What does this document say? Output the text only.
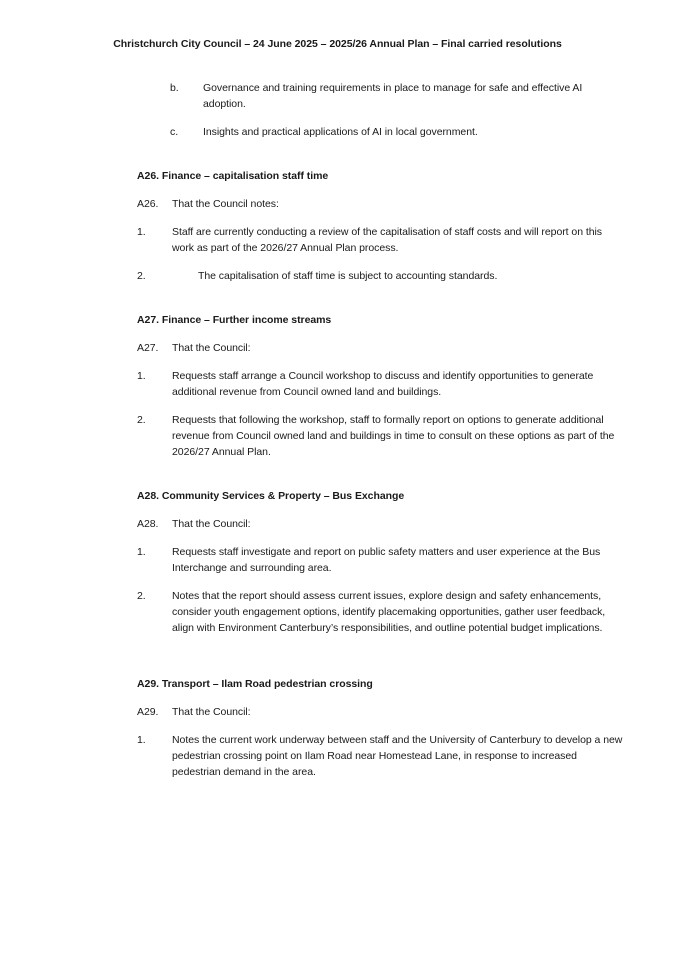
Christchurch City Council – 24 June 2025 – 2025/26 Annual Plan – Final carried resolutions
b.	Governance and training requirements in place to manage for safe and effective AI adoption.
c.	Insights and practical applications of AI in local government.
A26. Finance – capitalisation staff time
A26.	That the Council notes:
1.	Staff are currently conducting a review of the capitalisation of staff costs and will report on this work as part of the 2026/27 Annual Plan process.
2.	The capitalisation of staff time is subject to accounting standards.
A27. Finance – Further income streams
A27.	That the Council:
1.	Requests staff arrange a Council workshop to discuss and identify opportunities to generate additional revenue from Council owned land and buildings.
2.	Requests that following the workshop, staff to formally report on options to generate additional revenue from Council owned land and buildings in time to consult on these options as part of the 2026/27 Annual Plan.
A28. Community Services & Property – Bus Exchange
A28.	That the Council:
1.	Requests staff investigate and report on public safety matters and user experience at the Bus Interchange and surrounding area.
2.	Notes that the report should assess current issues, explore design and safety enhancements, consider youth engagement options, identify placemaking opportunities, gather user feedback, align with Environment Canterbury’s responsibilities, and outline potential budget implications.
A29. Transport – Ilam Road pedestrian crossing
A29.	That the Council:
1.	Notes the current work underway between staff and the University of Canterbury to develop a new pedestrian crossing point on Ilam Road near Homestead Lane, in response to increased pedestrian demand in the area.
